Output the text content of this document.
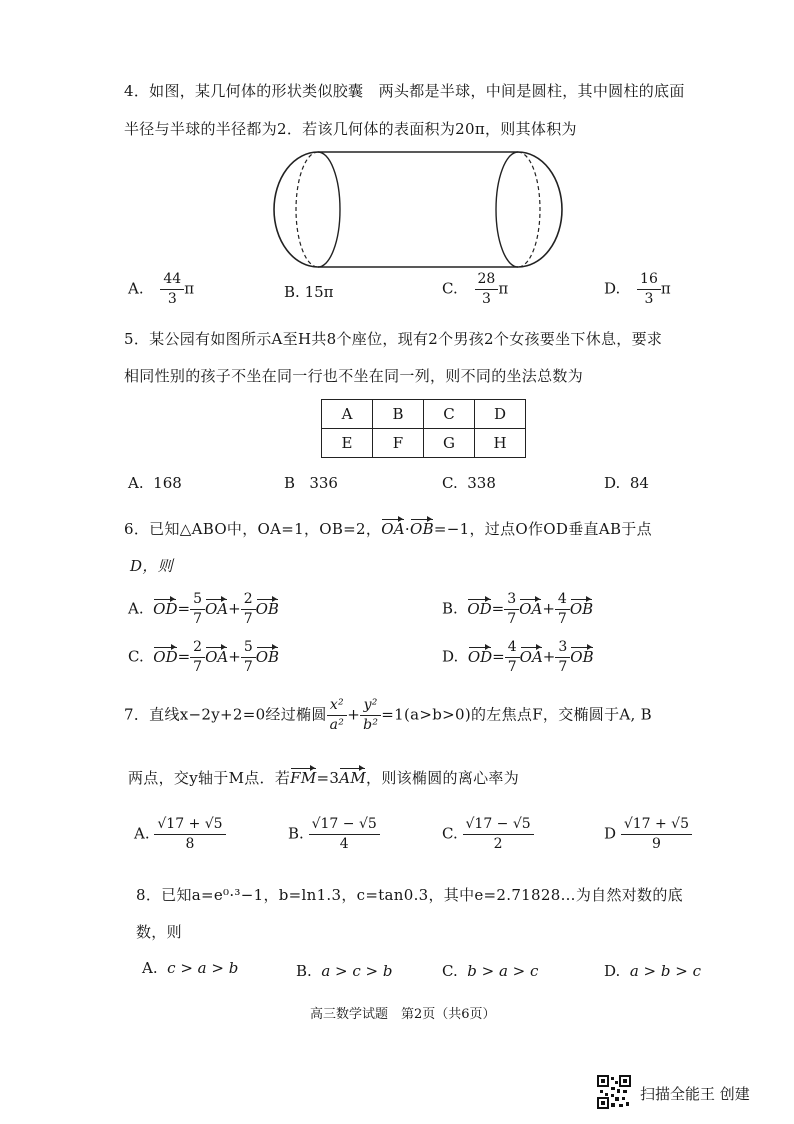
4．如图，某几何体的形状类似胶囊　两头都是半球，中间是圆柱，其中圆柱的底面
半径与半球的半径都为2．若该几何体的表面积为20π，则其体积为
A. $\frac{44}{3}$ π	B. 15π	C. $\frac{28}{3}$ π	D. $\frac{16}{3}$ π
5．某公园有如图所示A至H共8个座位，现有2个男孩2个女孩要坐下休息，要求
相同性别的孩子不坐在同一行也不坐在同一列，则不同的坐法总数为
A	B	C	D
E	F	G	H
A. 168	B 336	C. 338	D. 84
6．已知△ABO中，OA=1，OB=2，OA·OB=−1，过点O作OD垂直AB于点
D，则
A. $OD= \frac{5}{7} OA+ \frac{2}{7}$ OB	B. $OD= \frac{3}{7} OA+ \frac{4}{7}$ OB
C. $OD= \frac{2}{7} OA+ \frac{5}{7}$ OB	D. $OD= \frac{4}{7} OA+ \frac{3}{7}$ OB
7．直线x−2y+2=0经过椭圆 $\frac{\text{x²}}{\text{a²}} + \frac{\text{y²}}{\text{b²}} =1(a>b>0)$的左焦点F，交椭圆于A, B
两点，交y轴于M点．若FM=3AM，则该椭圆的离心率为
A. $\frac{√17 + √5}{8}$	B. $\frac{√17 - √5}{4}$	C. $\frac{√17 - √5}{2}$	D $\frac{√17 + √5}{9}$
8．已知a=e⁰·³−1，b=ln1.3，c=tan0.3，其中e=2.71828…为自然对数的底
数，则
A. c > a > b	B. a > c > b	C. b > a > c	D. a > b > c
高三数学试题　第2页（共6页）
扫描全能王 创建
